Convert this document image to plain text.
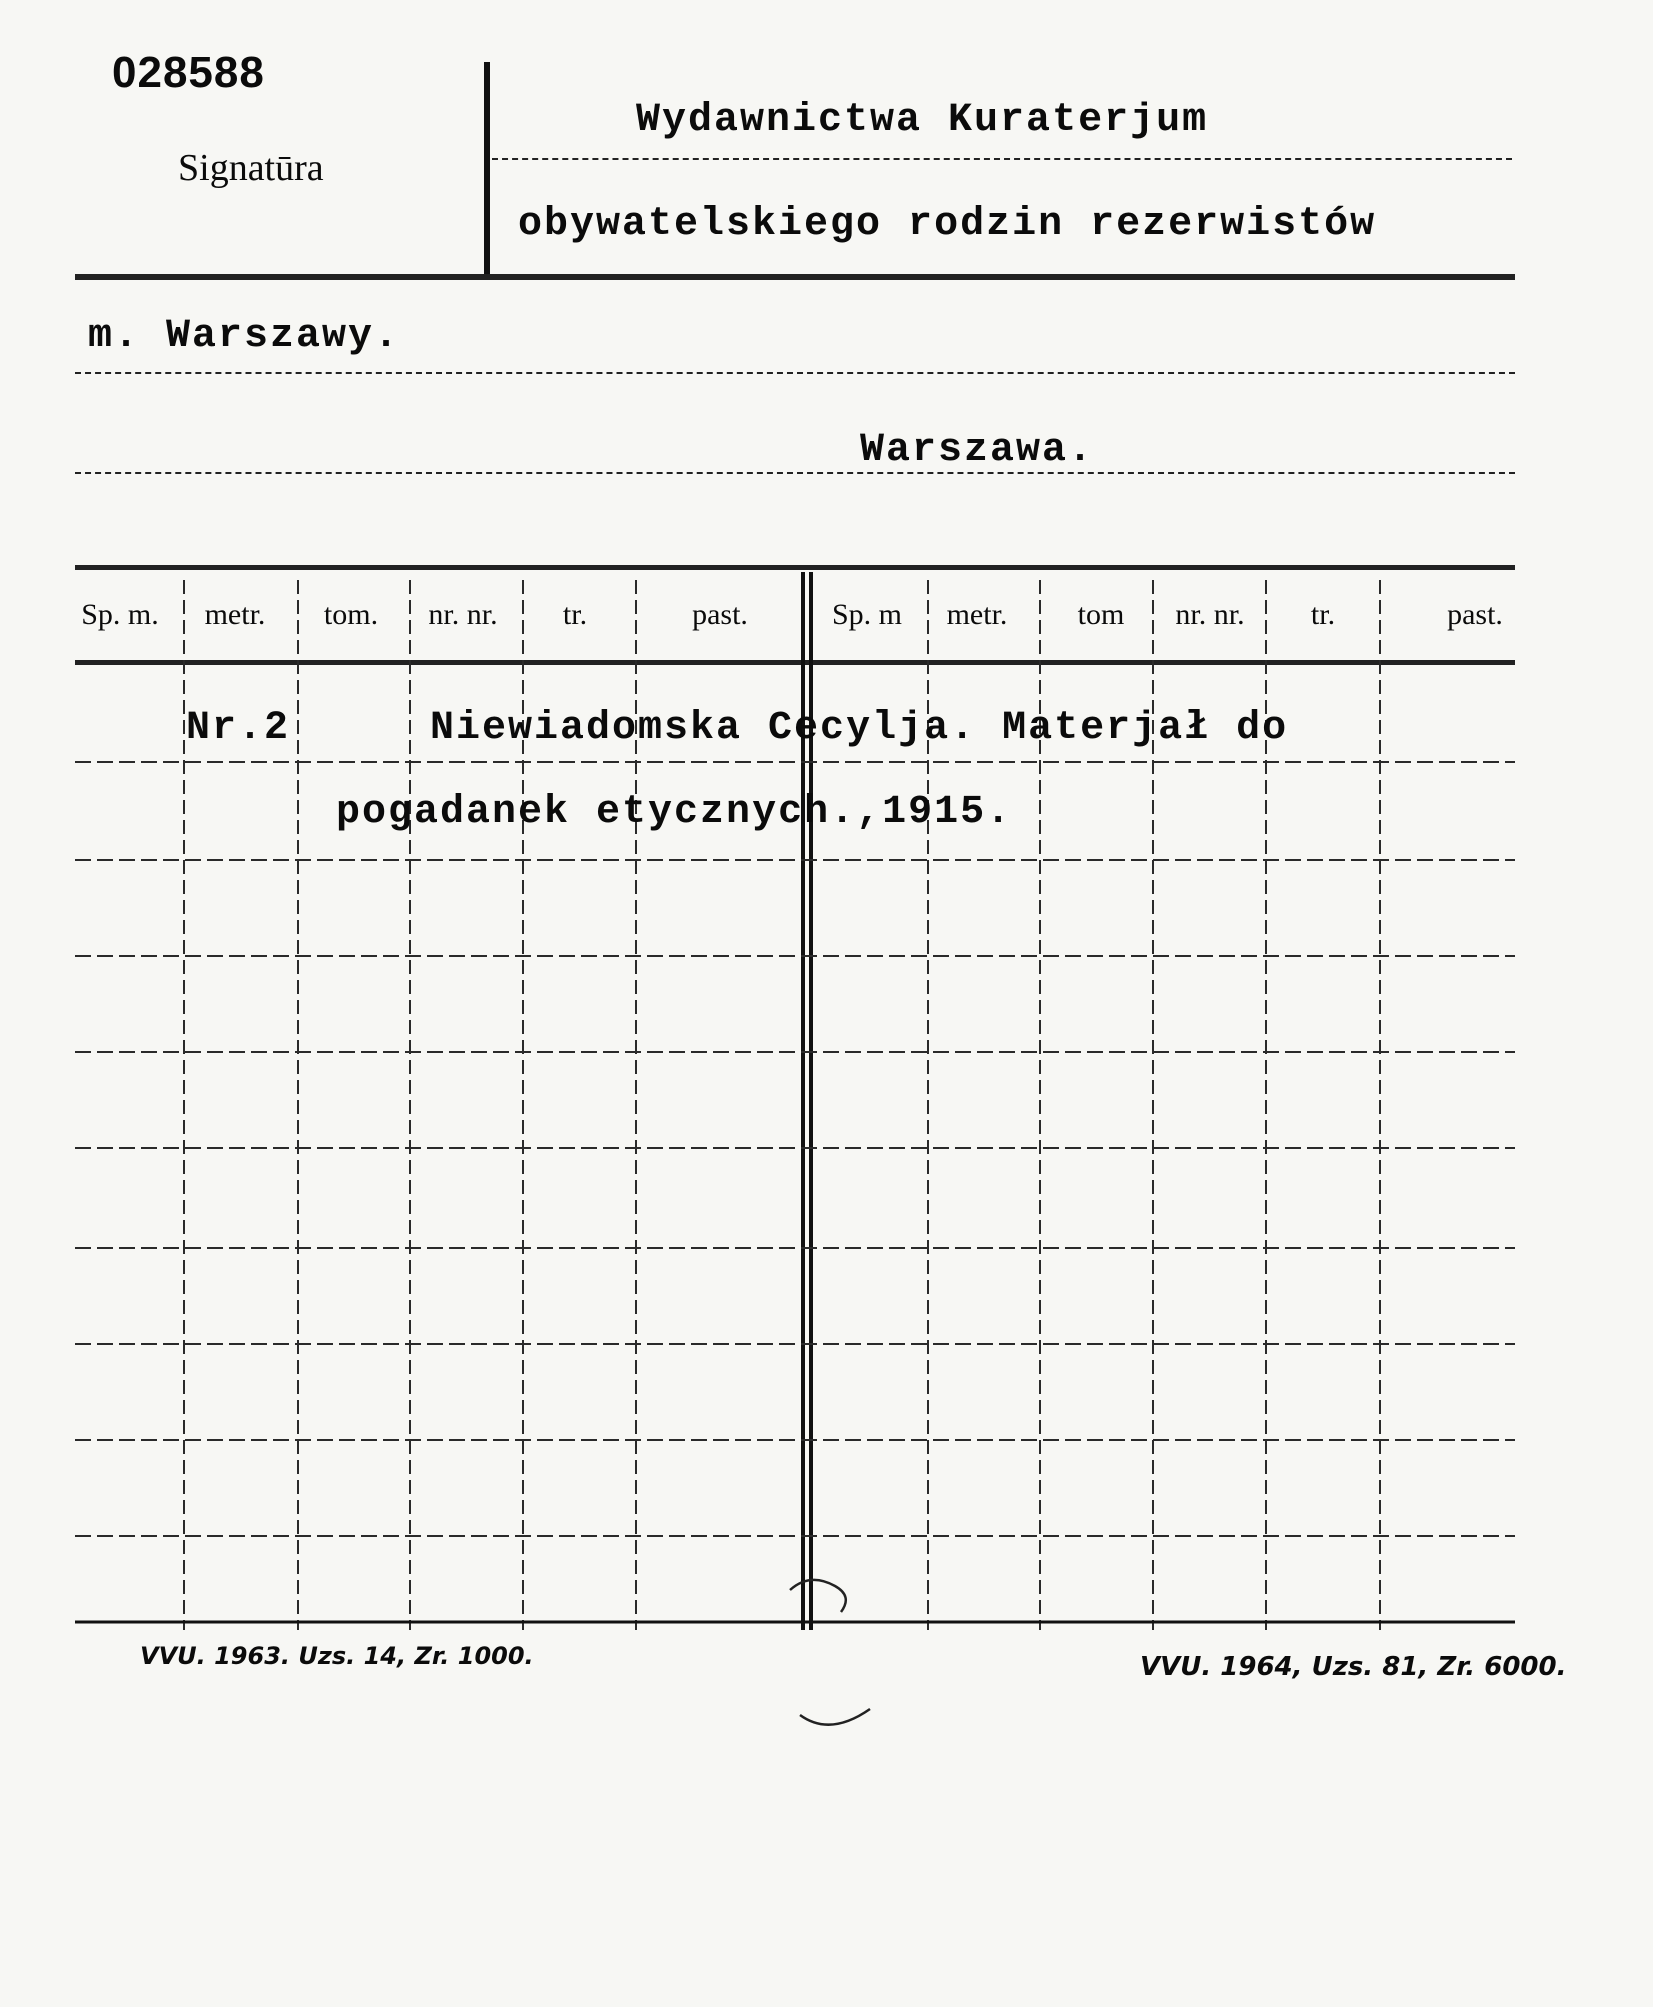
028588
Signatūra
Wydawnictwa Kuraterjum
obywatelskiego rodzin rezerwistów
m. Warszawy.
Warszawa.
Sp. m.	metr.	tom.	nr. nr.	tr.	past.	Sp. m	metr.	tom	nr. nr.	tr.	past.
Nr.2	Niewiadomska Cecylja. Materjał do
pogadanek etycznych.,1915.
VVU. 1963. Uzs. 14, Zr. 1000.	VVU. 1964, Uzs. 81, Zr. 6000.
